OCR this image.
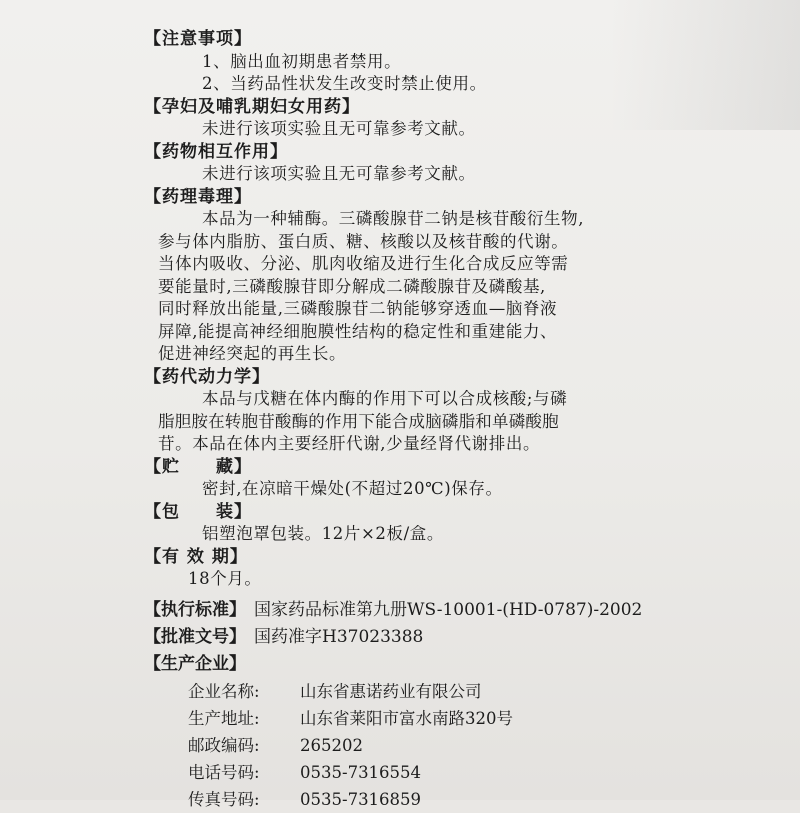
【注意事项】
1、脑出血初期患者禁用。
2、当药品性状发生改变时禁止使用。
【孕妇及哺乳期妇女用药】
未进行该项实验且无可靠参考文献。
【药物相互作用】
未进行该项实验且无可靠参考文献。
【药理毒理】
本品为一种辅酶。三磷酸腺苷二钠是核苷酸衍生物,
参与体内脂肪、蛋白质、糖、核酸以及核苷酸的代谢。
当体内吸收、分泌、肌肉收缩及进行生化合成反应等需
要能量时,三磷酸腺苷即分解成二磷酸腺苷及磷酸基,
同时释放出能量,三磷酸腺苷二钠能够穿透血—脑脊液
屏障,能提高神经细胞膜性结构的稳定性和重建能力、
促进神经突起的再生长。
【药代动力学】
本品与戊糖在体内酶的作用下可以合成核酸;与磷
脂胆胺在转胞苷酸酶的作用下能合成脑磷脂和单磷酸胞
苷。本品在体内主要经肝代谢,少量经肾代谢排出。
【贮　　藏】
密封,在凉暗干燥处(不超过20℃)保存。
【包　　装】
铝塑泡罩包装。12片×2板/盒。
【有 效 期】
18个月。
【执行标准】 国家药品标准第九册WS-10001-(HD-0787)-2002
【批准文号】 国药准字H37023388
【生产企业】
企业名称: 山东省惠诺药业有限公司
生产地址: 山东省莱阳市富水南路320号
邮政编码: 265202
电话号码: 0535-7316554
传真号码: 0535-7316859
